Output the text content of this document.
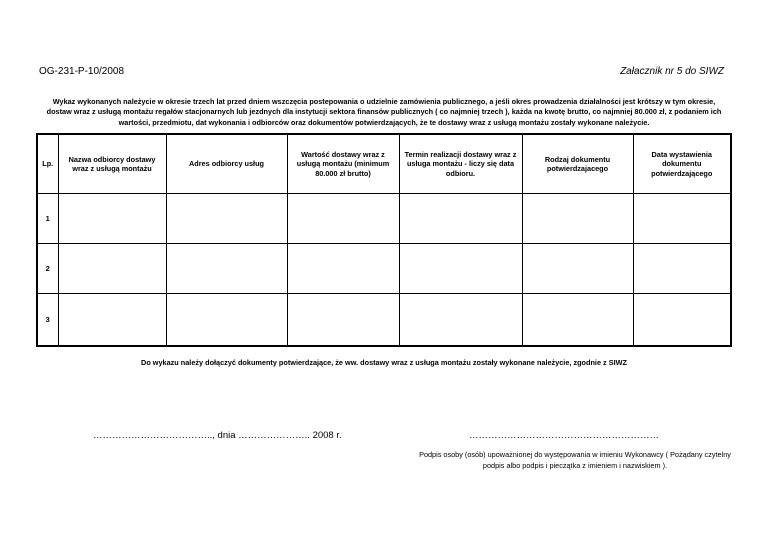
OG-231-P-10/2008	Załacznik nr 5 do SIWZ
Wykaz wykonanych należycie w okresie trzech lat przed dniem wszczęcia postepowania o udzielnie zamówienia publicznego, a jeśli okres prowadzenia działalności jest krótszy w tym okresie,
dostaw wraz z usługą montażu regałów stacjonarnych lub jezdnych dla instytucji sektora finansów publicznych ( co najmniej trzech ), każda na kwotę brutto, co najmniej 80.000 zł, z podaniem ich
wartości, przedmiotu, dat wykonania i odbiorców oraz dokumentów potwierdzających, że te dostawy wraz z usługą montażu zostały wykonane należycie.
Lp.	Nazwa odbiorcy dostawy wraz z usługą montażu	Adres odbiorcy usług	Wartość dostawy wraz z usługą montażu (minimum 80.000 zł brutto)	Termin realizacji dostawy wraz z usługa montażu - liczy się data odbioru.	Rodzaj dokumentu potwierdzajacego	Data wystawienia dokumentu potwierdzającego
1						
2						
3						
Do wykazu należy dołączyć dokumenty potwierdzające, że ww. dostawy wraz z usługa montażu zostały wykonane należycie, zgodnie z SIWZ
……………………………….., dnia ………………….. 2008 r.	……………………………………………………
Podpis osoby (osób) upoważnionej do występowania w imieniu Wykonawcy ( Pożądany czytelny
podpis albo podpis i pieczątka z imieniem i nazwiskiem ).
